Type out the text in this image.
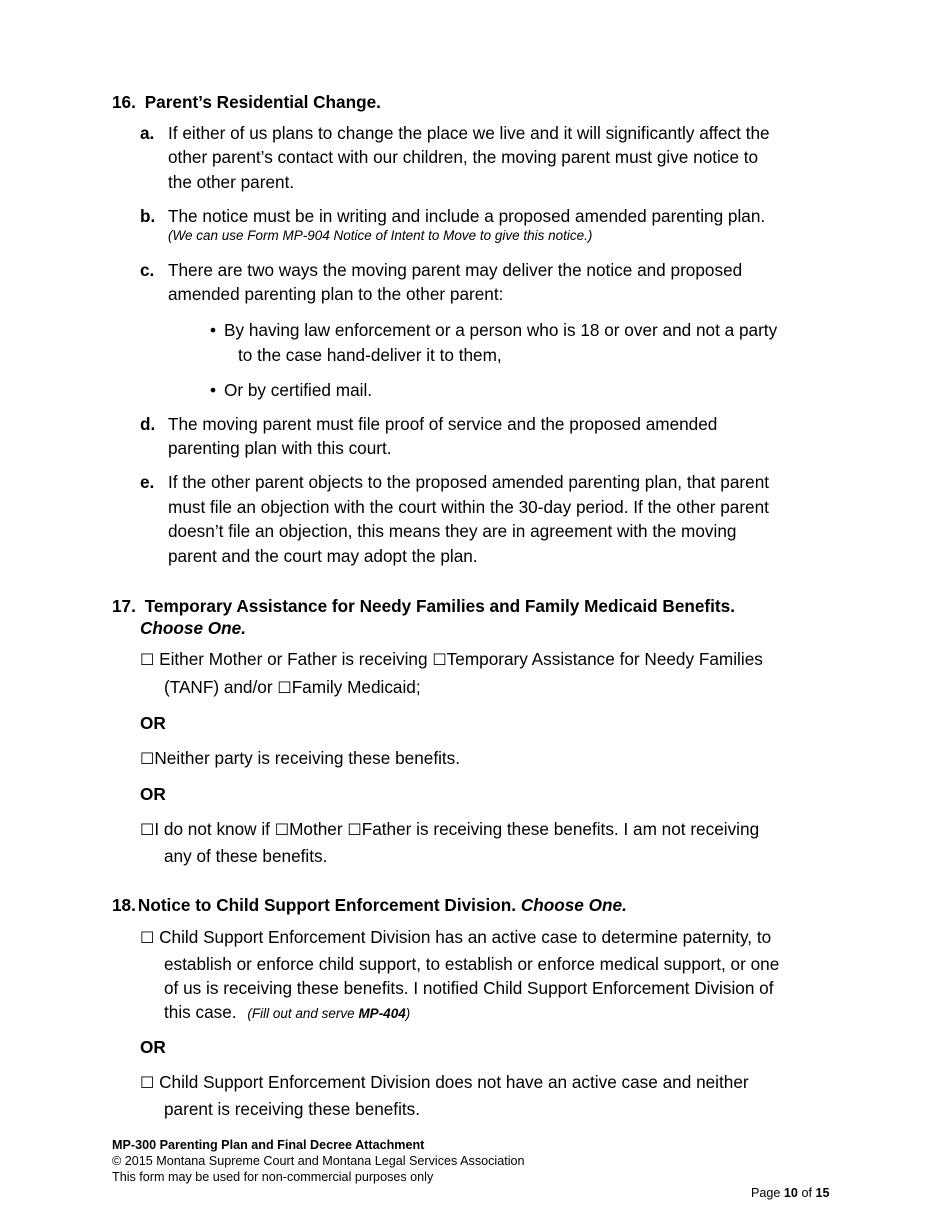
16. Parent’s Residential Change.
a. If either of us plans to change the place we live and it will significantly affect the
other parent’s contact with our children, the moving parent must give notice to
the other parent.
b. The notice must be in writing and include a proposed amended parenting plan.
(We can use Form MP-904 Notice of Intent to Move to give this notice.)
c. There are two ways the moving parent may deliver the notice and proposed
amended parenting plan to the other parent:
• By having law enforcement or a person who is 18 or over and not a party
to the case hand-deliver it to them,
• Or by certified mail.
d. The moving parent must file proof of service and the proposed amended
parenting plan with this court.
e. If the other parent objects to the proposed amended parenting plan, that parent
must file an objection with the court within the 30-day period. If the other parent
doesn’t file an objection, this means they are in agreement with the moving
parent and the court may adopt the plan.
17. Temporary Assistance for Needy Families and Family Medicaid Benefits.
Choose One.
☐ Either Mother or Father is receiving ☐Temporary Assistance for Needy Families
(TANF) and/or ☐Family Medicaid;
OR
☐Neither party is receiving these benefits.
OR
☐I do not know if ☐Mother ☐Father is receiving these benefits. I am not receiving
any of these benefits.
18. Notice to Child Support Enforcement Division. Choose One.
☐ Child Support Enforcement Division has an active case to determine paternity, to
establish or enforce child support, to establish or enforce medical support, or one
of us is receiving these benefits. I notified Child Support Enforcement Division of
this case. (Fill out and serve MP-404)
OR
☐ Child Support Enforcement Division does not have an active case and neither
parent is receiving these benefits.
MP-300 Parenting Plan and Final Decree Attachment
© 2015 Montana Supreme Court and Montana Legal Services Association
This form may be used for non-commercial purposes only
Page 10 of 15
